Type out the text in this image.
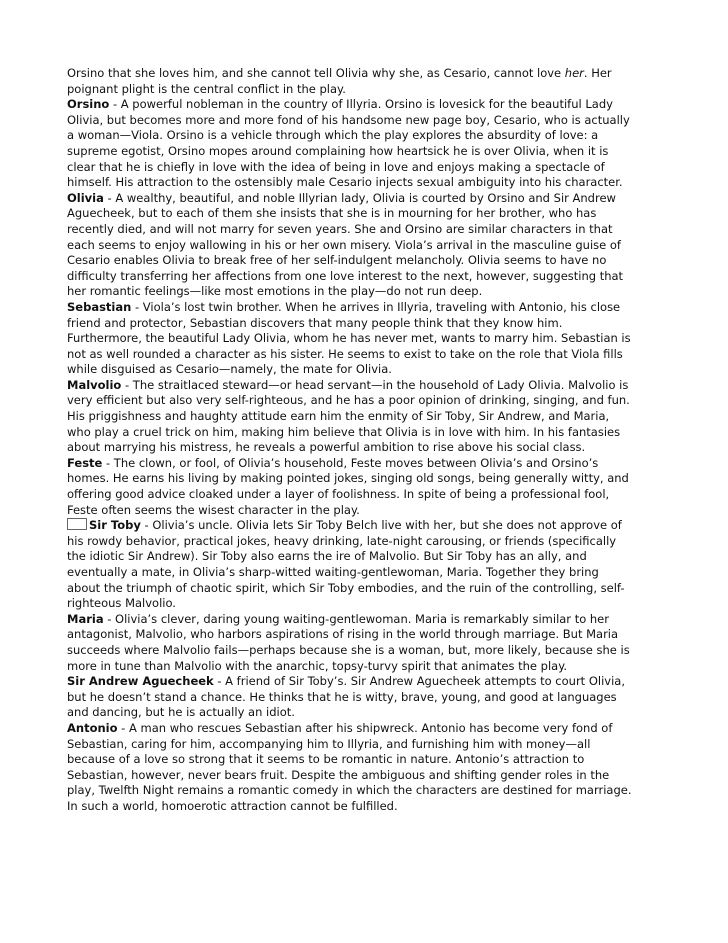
Orsino that she loves him, and she cannot tell Olivia why she, as Cesario, cannot love her. Her
poignant plight is the central conflict in the play.
Orsino - A powerful nobleman in the country of Illyria. Orsino is lovesick for the beautiful Lady
Olivia, but becomes more and more fond of his handsome new page boy, Cesario, who is actually
a woman—Viola. Orsino is a vehicle through which the play explores the absurdity of love: a
supreme egotist, Orsino mopes around complaining how heartsick he is over Olivia, when it is
clear that he is chiefly in love with the idea of being in love and enjoys making a spectacle of
himself. His attraction to the ostensibly male Cesario injects sexual ambiguity into his character.
Olivia - A wealthy, beautiful, and noble Illyrian lady, Olivia is courted by Orsino and Sir Andrew
Aguecheek, but to each of them she insists that she is in mourning for her brother, who has
recently died, and will not marry for seven years. She and Orsino are similar characters in that
each seems to enjoy wallowing in his or her own misery. Viola’s arrival in the masculine guise of
Cesario enables Olivia to break free of her self-indulgent melancholy. Olivia seems to have no
difficulty transferring her affections from one love interest to the next, however, suggesting that
her romantic feelings—like most emotions in the play—do not run deep.
Sebastian - Viola’s lost twin brother. When he arrives in Illyria, traveling with Antonio, his close
friend and protector, Sebastian discovers that many people think that they know him.
Furthermore, the beautiful Lady Olivia, whom he has never met, wants to marry him. Sebastian is
not as well rounded a character as his sister. He seems to exist to take on the role that Viola fills
while disguised as Cesario—namely, the mate for Olivia.
Malvolio - The straitlaced steward—or head servant—in the household of Lady Olivia. Malvolio is
very efficient but also very self-righteous, and he has a poor opinion of drinking, singing, and fun.
His priggishness and haughty attitude earn him the enmity of Sir Toby, Sir Andrew, and Maria,
who play a cruel trick on him, making him believe that Olivia is in love with him. In his fantasies
about marrying his mistress, he reveals a powerful ambition to rise above his social class.
Feste - The clown, or fool, of Olivia’s household, Feste moves between Olivia’s and Orsino’s
homes. He earns his living by making pointed jokes, singing old songs, being generally witty, and
offering good advice cloaked under a layer of foolishness. In spite of being a professional fool,
Feste often seems the wisest character in the play.
Sir Toby - Olivia’s uncle. Olivia lets Sir Toby Belch live with her, but she does not approve of
his rowdy behavior, practical jokes, heavy drinking, late-night carousing, or friends (specifically
the idiotic Sir Andrew). Sir Toby also earns the ire of Malvolio. But Sir Toby has an ally, and
eventually a mate, in Olivia’s sharp-witted waiting-gentlewoman, Maria. Together they bring
about the triumph of chaotic spirit, which Sir Toby embodies, and the ruin of the controlling, self-
righteous Malvolio.
Maria - Olivia’s clever, daring young waiting-gentlewoman. Maria is remarkably similar to her
antagonist, Malvolio, who harbors aspirations of rising in the world through marriage. But Maria
succeeds where Malvolio fails—perhaps because she is a woman, but, more likely, because she is
more in tune than Malvolio with the anarchic, topsy-turvy spirit that animates the play.
Sir Andrew Aguecheek - A friend of Sir Toby’s. Sir Andrew Aguecheek attempts to court Olivia,
but he doesn’t stand a chance. He thinks that he is witty, brave, young, and good at languages
and dancing, but he is actually an idiot.
Antonio - A man who rescues Sebastian after his shipwreck. Antonio has become very fond of
Sebastian, caring for him, accompanying him to Illyria, and furnishing him with money—all
because of a love so strong that it seems to be romantic in nature. Antonio’s attraction to
Sebastian, however, never bears fruit. Despite the ambiguous and shifting gender roles in the
play, Twelfth Night remains a romantic comedy in which the characters are destined for marriage.
In such a world, homoerotic attraction cannot be fulfilled.
